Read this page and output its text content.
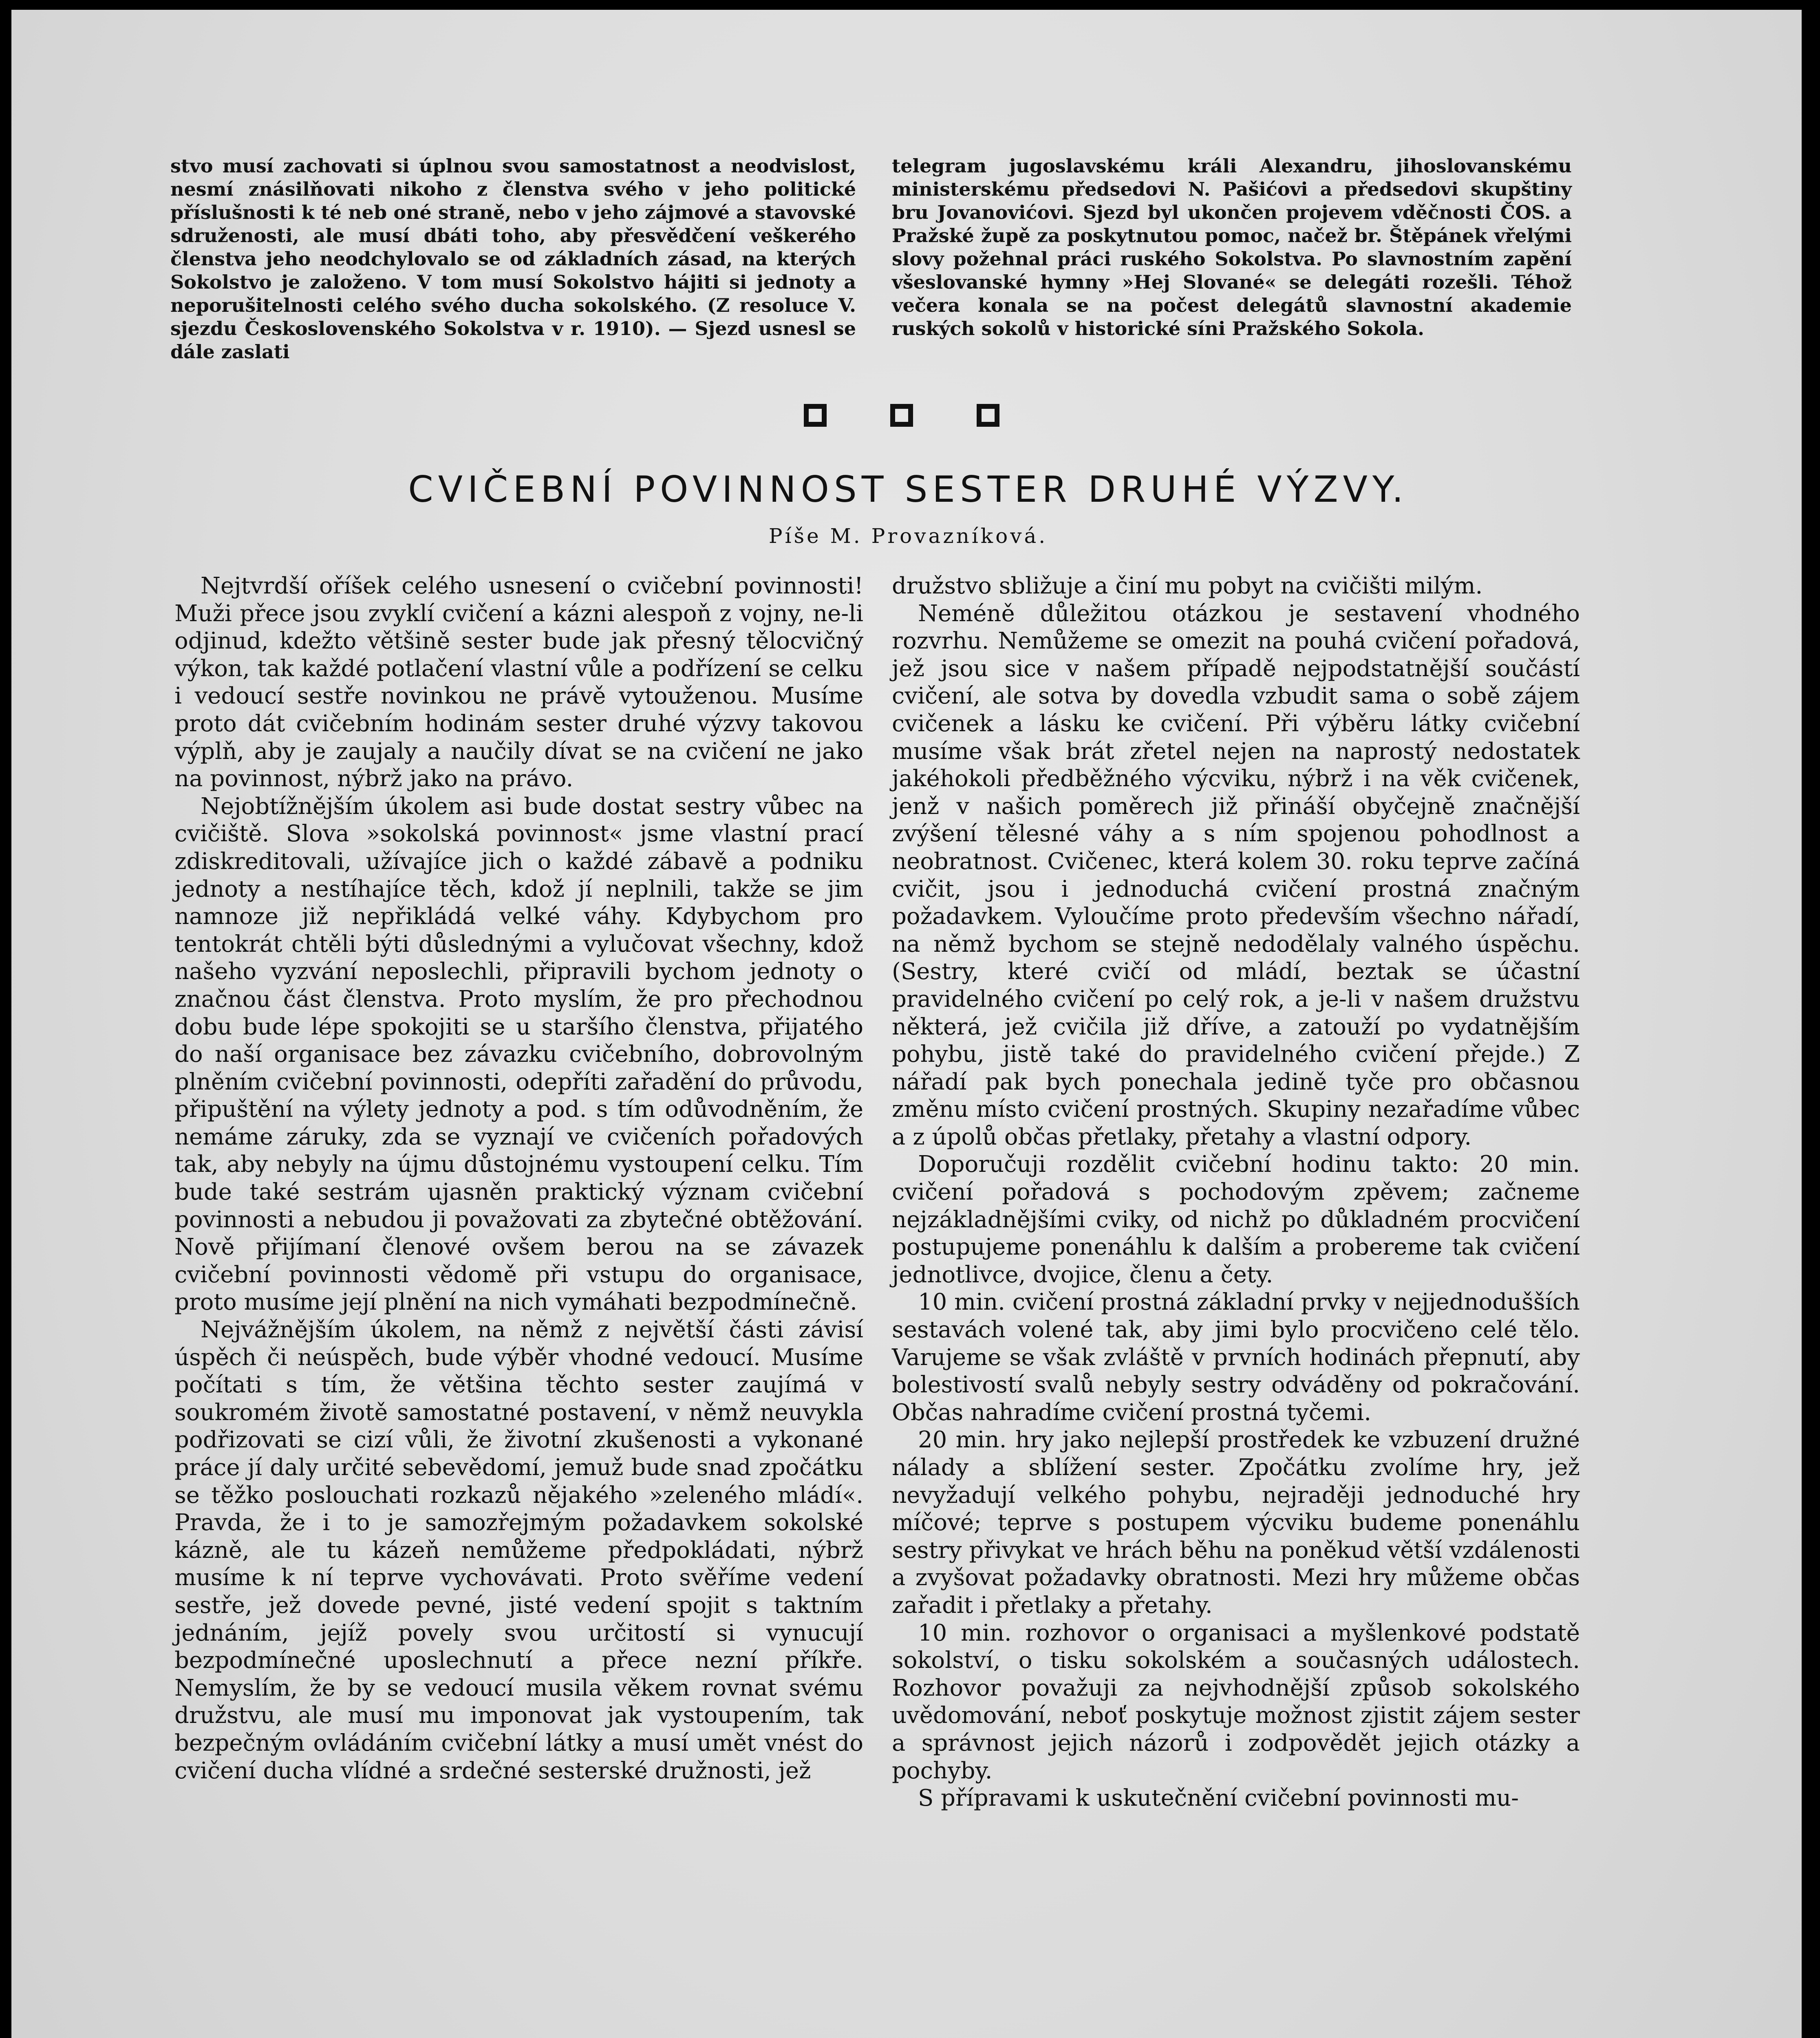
stvo musí zachovati si úplnou svou samostatnost a neodvislost, nesmí znásilňovati nikoho z členstva svého v jeho politické příslušnosti k té neb oné straně, nebo v jeho zájmové a stavovské sdruženosti, ale musí dbáti toho, aby přesvědčení veškerého členstva jeho neodchylovalo se od základních zásad, na kterých Sokolstvo je založeno. V tom musí Sokolstvo hájiti si jednoty a neporušitelnosti celého svého ducha sokolského. (Z resoluce V. sjezdu Československého Sokolstva v r. 1910). — Sjezd usnesl se dále zaslati

telegram jugoslavskému králi Alexandru, jihoslovanskému ministerskému předsedovi N. Pašićovi a předsedovi skupštiny bru Jovanovićovi. Sjezd byl ukončen projevem vděčnosti ČOS. a Pražské župě za poskytnutou pomoc, načež br. Štěpánek vřelými slovy požehnal práci ruského Sokolstva. Po slavnostním zapění všeslovanské hymny »Hej Slované« se delegáti rozešli. Téhož večera konala se na počest delegátů slavnostní akademie ruských sokolů v historické síni Pražského Sokola.

CVIČEBNÍ POVINNOST SESTER DRUHÉ VÝZVY.
Píše M. Provazníková.

Nejtvrdší oříšek celého usnesení o cvičební povinnosti! Muži přece jsou zvyklí cvičení a kázni alespoň z vojny, ne-li odjinud, kdežto většině sester bude jak přesný tělocvičný výkon, tak každé potlačení vlastní vůle a podřízení se celku i vedoucí sestře novinkou ne právě vytouženou. Musíme proto dát cvičebním hodinám sester druhé výzvy takovou výplň, aby je zaujaly a naučily dívat se na cvičení ne jako na povinnost, nýbrž jako na právo.

Nejobtížnějším úkolem asi bude dostat sestry vůbec na cvičiště. Slova »sokolská povinnost« jsme vlastní prací zdiskreditovali, užívajíce jich o každé zábavě a podniku jednoty a nestíhajíce těch, kdož jí neplnili, takže se jim namnoze již nepřikládá velké váhy. Kdybychom pro tentokrát chtěli býti důslednými a vylučovat všechny, kdož našeho vyzvání neposlechli, připravili bychom jednoty o značnou část členstva. Proto myslím, že pro přechodnou dobu bude lépe spokojiti se u staršího členstva, přijatého do naší organisace bez závazku cvičebního, dobrovolným plněním cvičební povinnosti, odepříti zařadění do průvodu, připuštění na výlety jednoty a pod. s tím odůvodněním, že nemáme záruky, zda se vyznají ve cvičeních pořadových tak, aby nebyly na újmu důstojnému vystoupení celku. Tím bude také sestrám ujasněn praktický význam cvičební povinnosti a nebudou ji považovati za zbytečné obtěžování. Nově přijímaní členové ovšem berou na se závazek cvičební povinnosti vědomě při vstupu do organisace, proto musíme její plnění na nich vymáhati bezpodmínečně.

Nejvážnějším úkolem, na němž z největší části závisí úspěch či neúspěch, bude výběr vhodné vedoucí. Musíme počítati s tím, že většina těchto sester zaujímá v soukromém životě samostatné postavení, v němž neuvykla podřizovati se cizí vůli, že životní zkušenosti a vykonané práce jí daly určité sebevědomí, jemuž bude snad zpočátku se těžko poslouchati rozkazů nějakého »zeleného mládí«. Pravda, že i to je samozřejmým požadavkem sokolské kázně, ale tu kázeň nemůžeme předpokládati, nýbrž musíme k ní teprve vychovávati. Proto svěříme vedení sestře, jež dovede pevné, jisté vedení spojit s taktním jednáním, jejíž povely svou určitostí si vynucují bezpodmínečné uposlechnutí a přece nezní příkře. Nemyslím, že by se vedoucí musila věkem rovnat svému družstvu, ale musí mu imponovat jak vystoupením, tak bezpečným ovládáním cvičební látky a musí umět vnést do cvičení ducha vlídné a srdečné sesterské družnosti, jež

družstvo sbližuje a činí mu pobyt na cvičišti milým.

Neméně důležitou otázkou je sestavení vhodného rozvrhu. Nemůžeme se omezit na pouhá cvičení pořadová, jež jsou sice v našem případě nejpodstatnější součástí cvičení, ale sotva by dovedla vzbudit sama o sobě zájem cvičenek a lásku ke cvičení. Při výběru látky cvičební musíme však brát zřetel nejen na naprostý nedostatek jakéhokoli předběžného výcviku, nýbrž i na věk cvičenek, jenž v našich poměrech již přináší obyčejně značnější zvýšení tělesné váhy a s ním spojenou pohodlnost a neobratnost. Cvičenec, která kolem 30. roku teprve začíná cvičit, jsou i jednoduchá cvičení prostná značným požadavkem. Vyloučíme proto především všechno nářadí, na němž bychom se stejně nedodělaly valného úspěchu. (Sestry, které cvičí od mládí, beztak se účastní pravidelného cvičení po celý rok, a je-li v našem družstvu některá, jež cvičila již dříve, a zatouží po vydatnějším pohybu, jistě také do pravidelného cvičení přejde.) Z nářadí pak bych ponechala jedině tyče pro občasnou změnu místo cvičení prostných. Skupiny nezařadíme vůbec a z úpolů občas přetlaky, přetahy a vlastní odpory.

Doporučuji rozdělit cvičební hodinu takto: 20 min. cvičení pořadová s pochodovým zpěvem; začneme nejzákladnějšími cviky, od nichž po důkladném procvičení postupujeme ponenáhlu k dalším a probereme tak cvičení jednotlivce, dvojice, členu a čety.

10 min. cvičení prostná základní prvky v nejjednodušších sestavách volené tak, aby jimi bylo procvičeno celé tělo. Varujeme se však zvláště v prvních hodinách přepnutí, aby bolestivostí svalů nebyly sestry odváděny od pokračování. Občas nahradíme cvičení prostná tyčemi.

20 min. hry jako nejlepší prostředek ke vzbuzení družné nálady a sblížení sester. Zpočátku zvolíme hry, jež nevyžadují velkého pohybu, nejraději jednoduché hry míčové; teprve s postupem výcviku budeme ponenáhlu sestry přivykat ve hrách běhu na poněkud větší vzdálenosti a zvyšovat požadavky obratnosti. Mezi hry můžeme občas zařadit i přetlaky a přetahy.

10 min. rozhovor o organisaci a myšlenkové podstatě sokolství, o tisku sokolském a současných událostech. Rozhovor považuji za nejvhodnější způsob sokolského uvědomování, neboť poskytuje možnost zjistit zájem sester a správnost jejich názorů i zodpovědět jejich otázky a pochyby.

S přípravami k uskutečnění cvičební povinnosti mu-
